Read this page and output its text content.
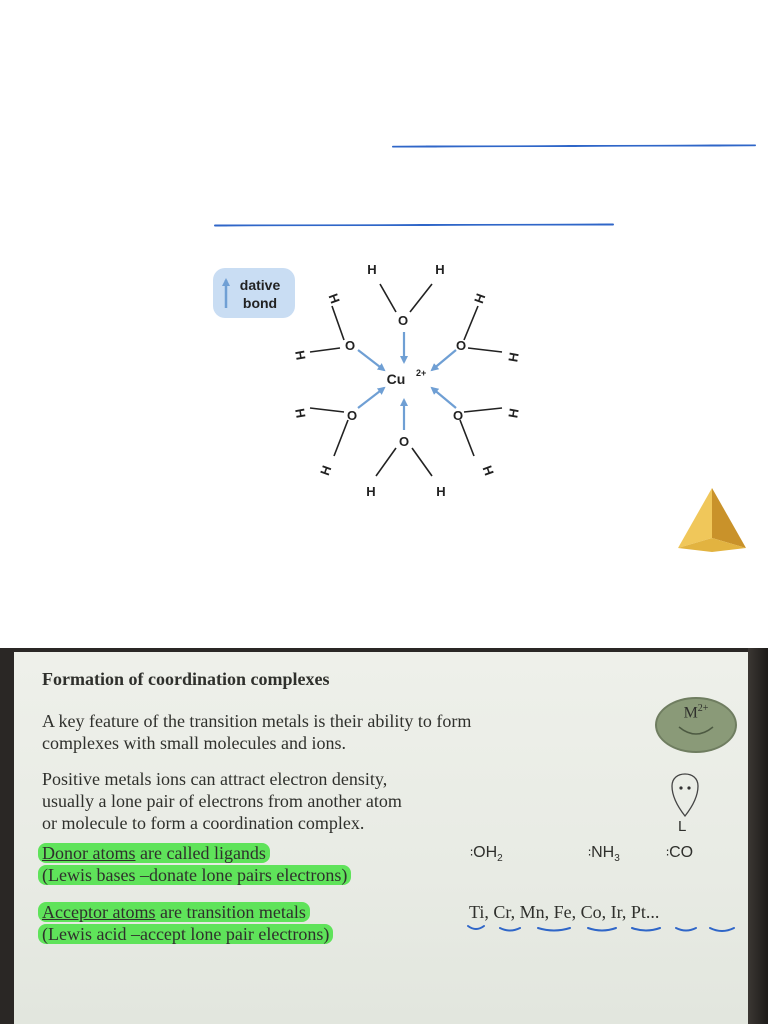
dative
bond
O
O	O
O	O
O
H	H
H
H
H
H
H	H
H	H
H	H
Cu 2+
Formation of coordination complexes
A key feature of the transition metals is their ability to form
complexes with small molecules and ions.
Positive metals ions can attract electron density,
usually a lone pair of electrons from another atom
or molecule to form a coordination complex.
Donor atoms are called ligands
(Lewis bases –donate lone pairs electrons)
Acceptor atoms are transition metals
(Lewis acid –accept lone pair electrons)
$∶OH_2$	$∶NH_3$	∶CO
Ti, Cr, Mn, Fe, Co, Ir, Pt...
$M^{2+}$
L
